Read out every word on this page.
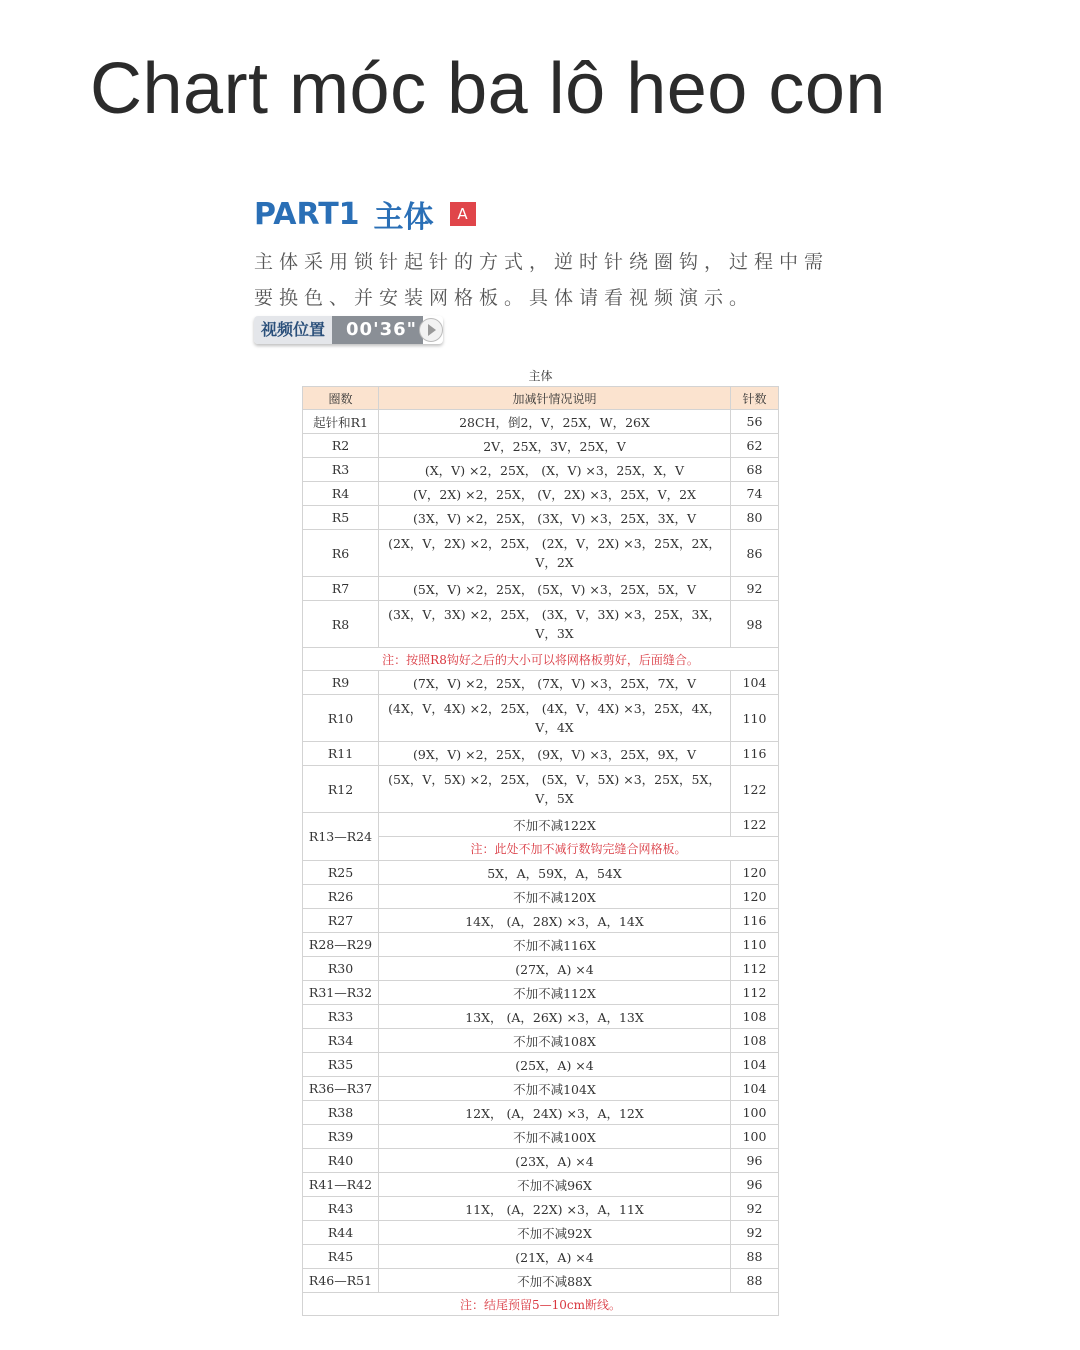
Chart móc ba lô heo con
PART1 主体	A
主体采用锁针起针的方式，逆时针绕圈钩，过程中需
要换色、并安装网格板。具体请看视频演示。
视频位置	00'36"
主体		
圈数	加减针情况说明	针数
起针和R1	28CH，倒2，V，25X，W，26X	56
R2	2V，25X，3V，25X，V	62
R3	(X，V) ×2，25X， (X，V) ×3，25X，X，V	68
R4	(V，2X) ×2，25X， (V，2X) ×3，25X，V，2X	74
R5	(3X，V) ×2，25X， (3X，V) ×3，25X，3X，V	80
R6	(2X，V，2X) ×2，25X， (2X，V，2X) ×3，25X，2X，V，2X	86
R7	(5X，V) ×2，25X， (5X，V) ×3，25X，5X，V	92
R8	(3X，V，3X) ×2，25X， (3X，V，3X) ×3，25X，3X，V，3X	98
注：按照R8钩好之后的大小可以将网格板剪好，后面缝合。		
R9	(7X，V) ×2，25X， (7X，V) ×3，25X，7X，V	104
R10	(4X，V，4X) ×2，25X， (4X，V，4X) ×3，25X，4X，V，4X	110
R11	(9X，V) ×2，25X， (9X，V) ×3，25X，9X，V	116
R12	(5X，V，5X) ×2，25X， (5X，V，5X) ×3，25X，5X，V，5X	122
R13—R24	不加不减122X	122
	注：此处不加不减行数钩完缝合网格板。	
R25	5X，A，59X，A，54X	120
R26	不加不减120X	120
R27	14X， (A，28X) ×3，A，14X	116
R28—R29	不加不减116X	110
R30	(27X，A) ×4	112
R31—R32	不加不减112X	112
R33	13X， (A，26X) ×3，A，13X	108
R34	不加不减108X	108
R35	(25X，A) ×4	104
R36—R37	不加不减104X	104
R38	12X， (A，24X) ×3，A，12X	100
R39	不加不减100X	100
R40	(23X，A) ×4	96
R41—R42	不加不减96X	96
R43	11X， (A，22X) ×3，A，11X	92
R44	不加不减92X	92
R45	(21X，A) ×4	88
R46—R51	不加不减88X	88
注：结尾预留5—10cm断线。		
